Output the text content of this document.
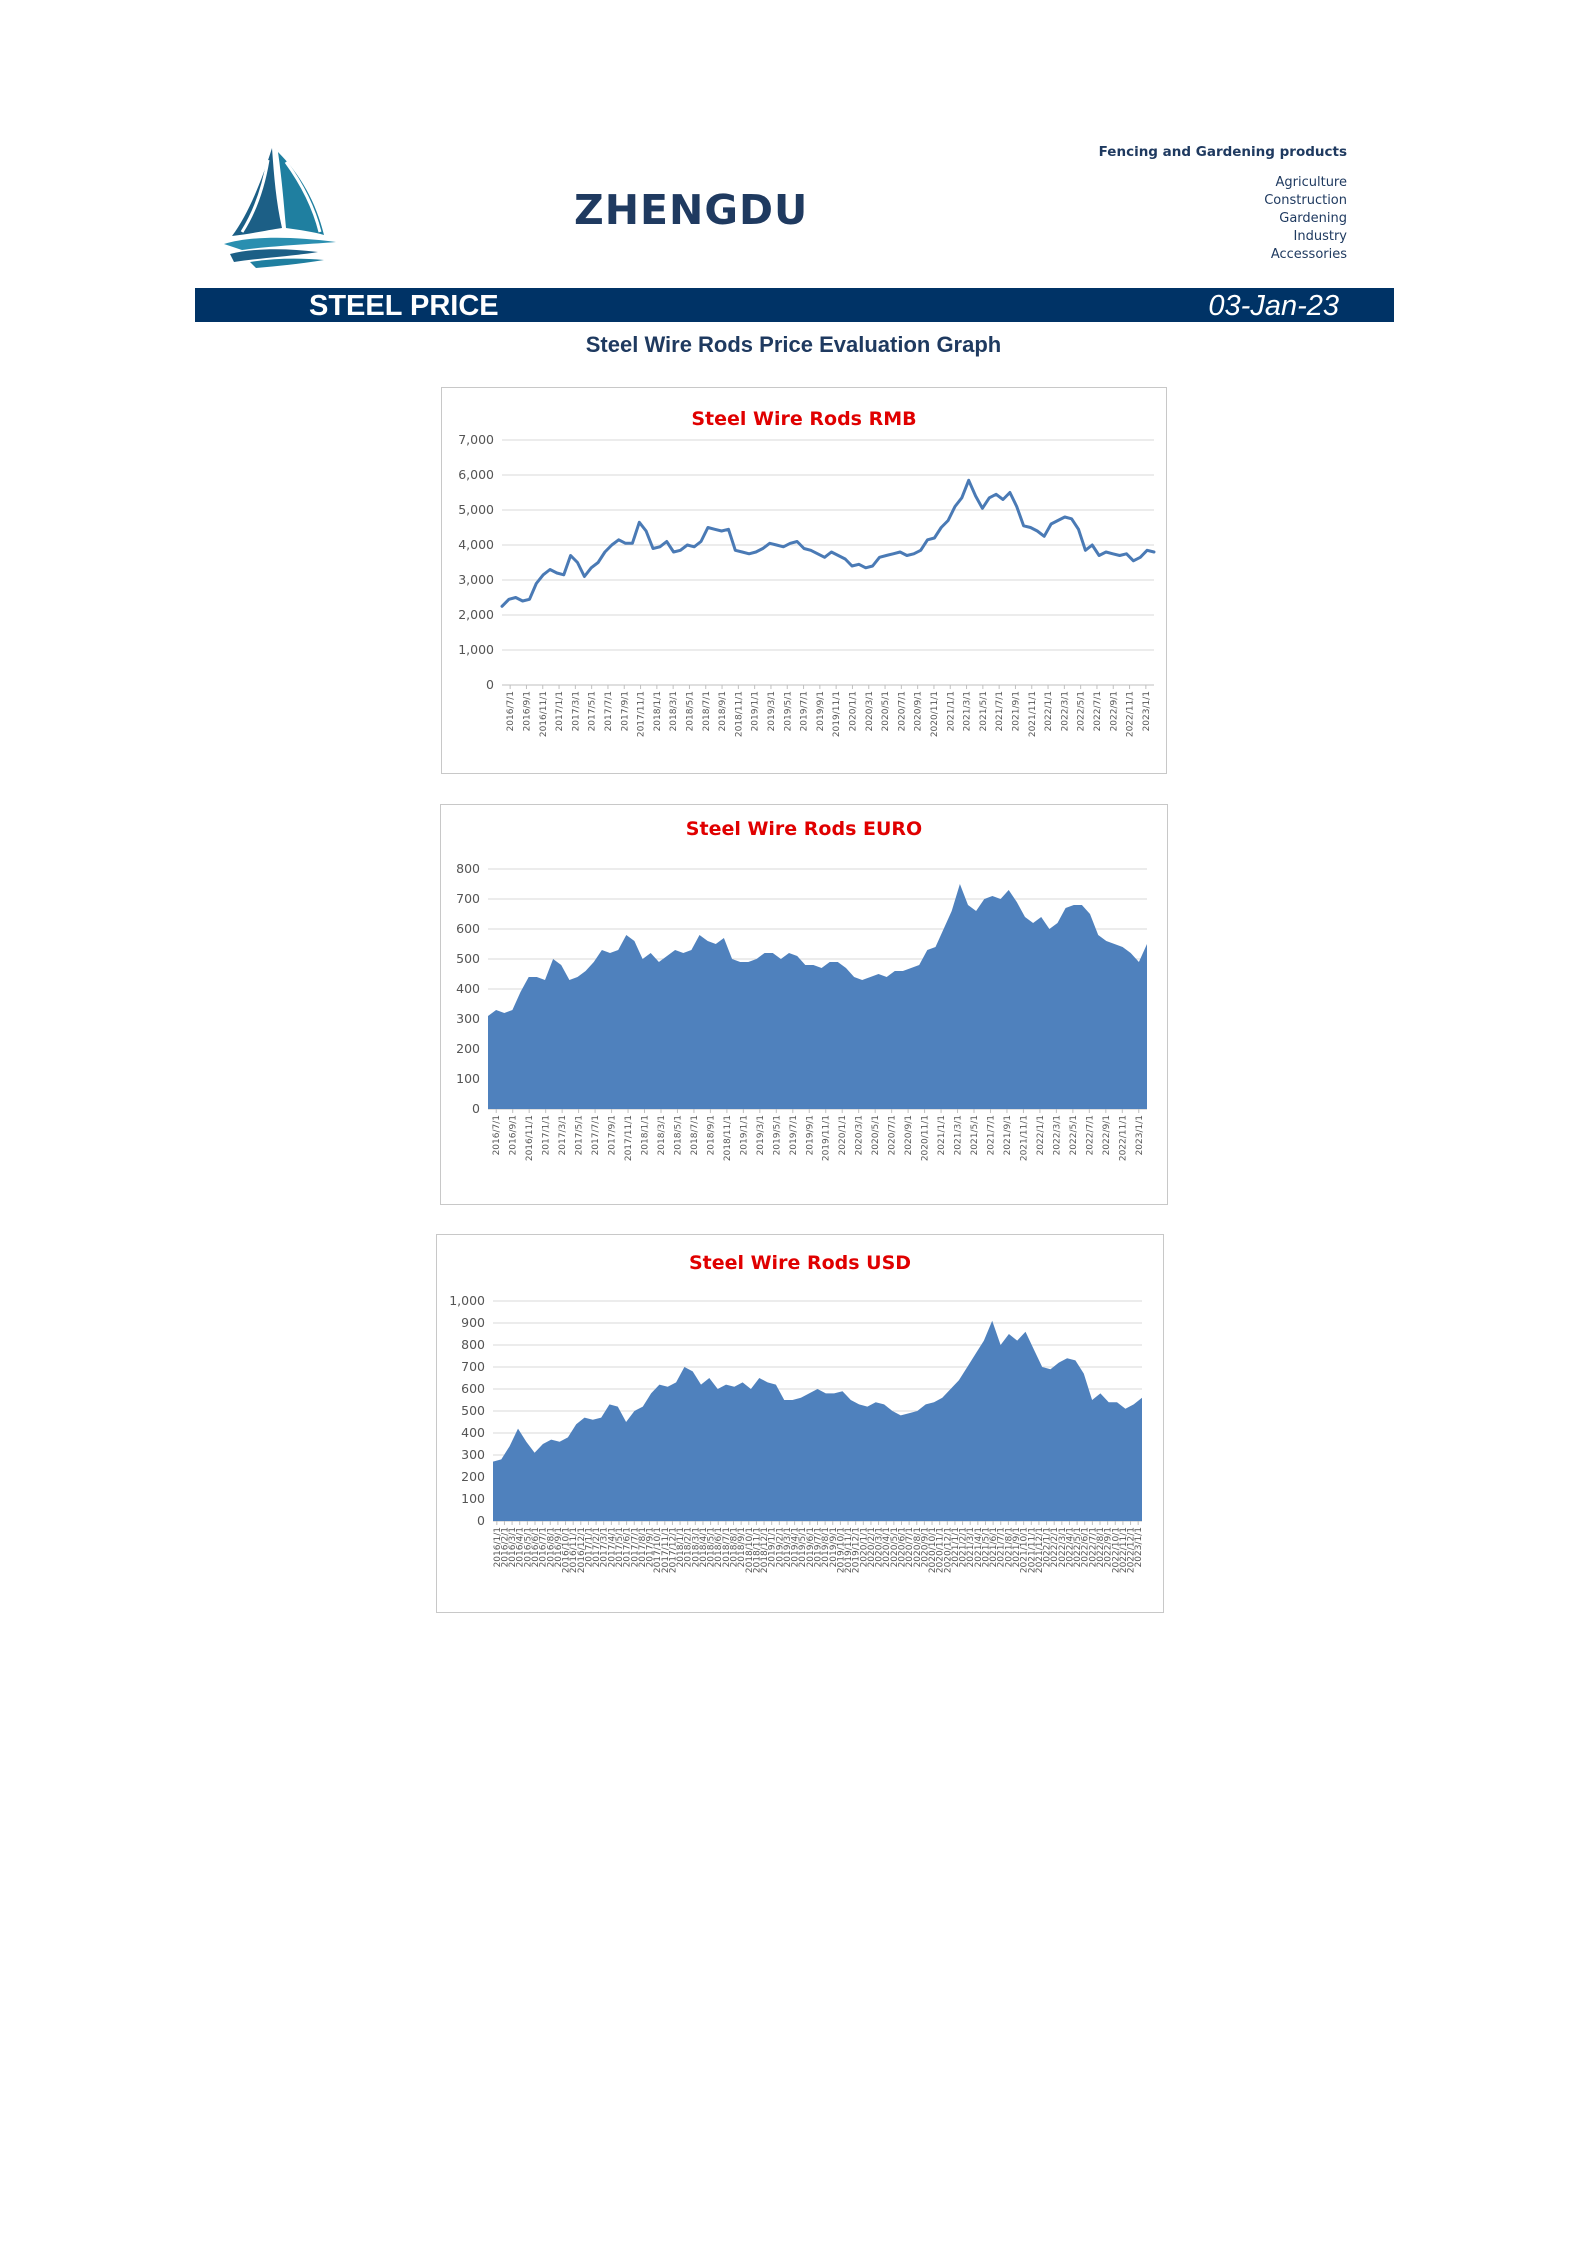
ZHENGDU
Fencing and Gardening products
Agriculture
Construction
Gardening
Industry
Accessories
STEEL PRICE	03-Jan-23
Steel Wire Rods Price Evaluation Graph
Steel Wire Rods RMB
0
1,000
2,000
3,000
4,000
5,000
6,000
7,000
2016/7/1 2016/9/1 2016/11/1 2017/1/1 2017/3/1 2017/5/1 2017/7/1 2017/9/1 2017/11/1 2018/1/1 2018/3/1 2018/5/1 2018/7/1 2018/9/1 2018/11/1 2019/1/1 2019/3/1 2019/5/1 2019/7/1 2019/9/1 2019/11/1 2020/1/1 2020/3/1 2020/5/1 2020/7/1 2020/9/1 2020/11/1 2021/1/1 2021/3/1 2021/5/1 2021/7/1 2021/9/1 2021/11/1 2022/1/1 2022/3/1 2022/5/1 2022/7/1 2022/9/1 2022/11/1 2023/1/1
Steel Wire Rods EURO
0
100
200
300
400
500
600
700
800
2016/7/1 2016/9/1 2016/11/1 2017/1/1 2017/3/1 2017/5/1 2017/7/1 2017/9/1 2017/11/1 2018/1/1 2018/3/1 2018/5/1 2018/7/1 2018/9/1 2018/11/1 2019/1/1 2019/3/1 2019/5/1 2019/7/1 2019/9/1 2019/11/1 2020/1/1 2020/3/1 2020/5/1 2020/7/1 2020/9/1 2020/11/1 2021/1/1 2021/3/1 2021/5/1 2021/7/1 2021/9/1 2021/11/1 2022/1/1 2022/3/1 2022/5/1 2022/7/1 2022/9/1 2022/11/1 2023/1/1
Steel Wire Rods USD
0
100
200
300
400
500
600
700
800
900
1,000
2016/1/1
2016/2/1
2016/3/1
2016/4/1
2016/5/1
2016/6/1
2016/7/1
2016/8/1
2016/9/1
2016/10/1
2016/11/1
2016/12/1
2017/1/1
2017/2/1
2017/3/1
2017/4/1
2017/5/1
2017/6/1
2017/7/1
2017/8/1
2017/9/1
2017/10/1
2017/11/1
2017/12/1
2018/1/1
2018/2/1
2018/3/1
2018/4/1
2018/5/1
2018/6/1
2018/7/1
2018/8/1
2018/9/1
2018/10/1
2018/11/1
2018/12/1
2019/1/1
2019/2/1
2019/3/1
2019/4/1
2019/5/1
2019/6/1
2019/7/1
2019/8/1
2019/9/1
2019/10/1
2019/11/1
2019/12/1
2020/1/1
2020/2/1
2020/3/1
2020/4/1
2020/5/1
2020/6/1
2020/7/1
2020/8/1
2020/9/1
2020/10/1
2020/11/1
2020/12/1
2021/1/1
2021/2/1
2021/3/1
2021/4/1
2021/5/1
2021/6/1
2021/7/1
2021/8/1
2021/9/1
2021/10/1
2021/11/1
2021/12/1
2022/1/1
2022/2/1
2022/3/1
2022/4/1
2022/5/1
2022/6/1
2022/7/1
2022/8/1
2022/9/1
2022/10/1
2022/11/1
2022/12/1
2023/1/1
